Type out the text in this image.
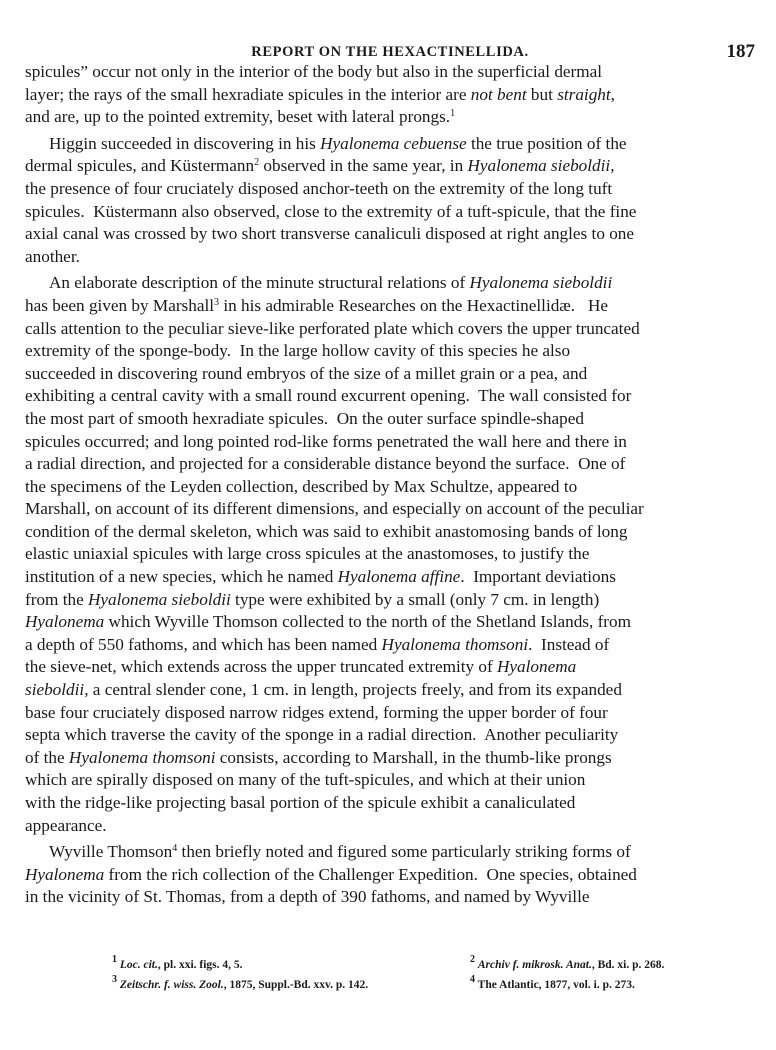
REPORT ON THE HEXACTINELLIDA.	187
spicules” occur not only in the interior of the body but also in the superficial dermal
layer; the rays of the small hexradiate spicules in the interior are not bent but straight,
and are, up to the pointed extremity, beset with lateral prongs.$^1$
Higgin succeeded in discovering in his Hyalonema cebuense the true position of the
dermal spicules, and Küstermann$^2$ observed in the same year, in Hyalonema sieboldii,
the presence of four cruciately disposed anchor-teeth on the extremity of the long tuft
spicules.  Küstermann also observed, close to the extremity of a tuft-spicule, that the fine
axial canal was crossed by two short transverse canaliculi disposed at right angles to one
another.
An elaborate description of the minute structural relations of Hyalonema sieboldii
has been given by Marshall$^3$ in his admirable Researches on the Hexactinellidæ.   He
calls attention to the peculiar sieve-like perforated plate which covers the upper truncated
extremity of the sponge-body.  In the large hollow cavity of this species he also
succeeded in discovering round embryos of the size of a millet grain or a pea, and
exhibiting a central cavity with a small round excurrent opening.  The wall consisted for
the most part of smooth hexradiate spicules.  On the outer surface spindle-shaped
spicules occurred; and long pointed rod-like forms penetrated the wall here and there in
a radial direction, and projected for a considerable distance beyond the surface.  One of
the specimens of the Leyden collection, described by Max Schultze, appeared to
Marshall, on account of its different dimensions, and especially on account of the peculiar
condition of the dermal skeleton, which was said to exhibit anastomosing bands of long
elastic uniaxial spicules with large cross spicules at the anastomoses, to justify the
institution of a new species, which he named Hyalonema affine.  Important deviations
from the Hyalonema sieboldii type were exhibited by a small (only 7 cm. in length)
Hyalonema which Wyville Thomson collected to the north of the Shetland Islands, from
a depth of 550 fathoms, and which has been named Hyalonema thomsoni.  Instead of
the sieve-net, which extends across the upper truncated extremity of Hyalonema
sieboldii, a central slender cone, 1 cm. in length, projects freely, and from its expanded
base four cruciately disposed narrow ridges extend, forming the upper border of four
septa which traverse the cavity of the sponge in a radial direction.  Another peculiarity
of the Hyalonema thomsoni consists, according to Marshall, in the thumb-like prongs
which are spirally disposed on many of the tuft-spicules, and which at their union
with the ridge-like projecting basal portion of the spicule exhibit a canaliculated
appearance.
Wyville Thomson$^4$ then briefly noted and figured some particularly striking forms of
Hyalonema from the rich collection of the Challenger Expedition.  One species, obtained
in the vicinity of St. Thomas, from a depth of 390 fathoms, and named by Wyville
$^1$ Loc. cit., pl. xxi. figs. 4, 5.
$^3$ Zeitschr. f. wiss. Zool., 1875, Suppl.-Bd. xxv. p. 142.
$^2$ Archiv f. mikrosk. Anat., Bd. xi. p. 268.
$^4$ The Atlantic, 1877, vol. i. p. 273.
